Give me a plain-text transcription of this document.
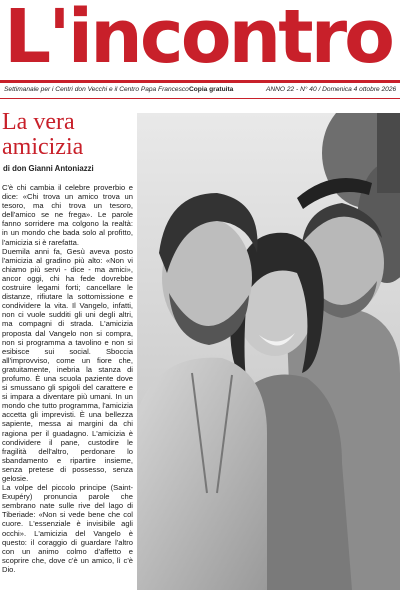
L'incontro
Settimanale per i Centri don Vecchi e il Centro Papa Francesco Copia gratuita	ANNO 22 - N° 40 / Domenica 4 ottobre 2026
La vera amicizia
di don Gianni Antoniazzi

C'è chi cambia il celebre proverbio e dice: «Chi trova un amico trova un tesoro, ma chi trova un tesoro, dell'amico se ne frega». Le parole fanno sorridere ma colgono la realtà: in un mondo che bada solo al profitto, l'amicizia si è rarefatta.

Duemila anni fa, Gesù aveva posto l'amicizia al gradino più alto: «Non vi chiamo più servi - dice - ma amici», ancor oggi, chi ha fede dovrebbe costruire legami forti; cancellare le distanze, rifiutare la sottomissione e condividere la vita. Il Vangelo, infatti, non ci vuole sudditi gli uni degli altri, ma compagni di strada. L'amicizia proposta dal Vangelo non si compra, non si programma a tavolino e non si esibisce sui social. Sboccia all'improvviso, come un fiore che, gratuitamente, inebria la stanza di profumo. È una scuola paziente dove si smussano gli spigoli del carattere e si impara a diventare più umani. In un mondo che tutto programma, l'amicizia accetta gli imprevisti. È una bellezza sapiente, messa ai margini da chi ragiona per il guadagno. L'amicizia è condividere il pane, custodire le fragilità dell'altro, perdonare lo sbandamento e ripartire insieme, senza pretese di possesso, senza gelosie.

La volpe del piccolo principe (Saint-Exupéry) pronuncia parole che sembrano nate sulle rive del lago di Tiberiade: «Non si vede bene che col cuore. L'essenziale è invisibile agli occhi». L'amicizia del Vangelo è questo: il coraggio di guardare l'altro con un animo colmo d'affetto e scoprire che, dove c'è un amico, lì c'è Dio.
